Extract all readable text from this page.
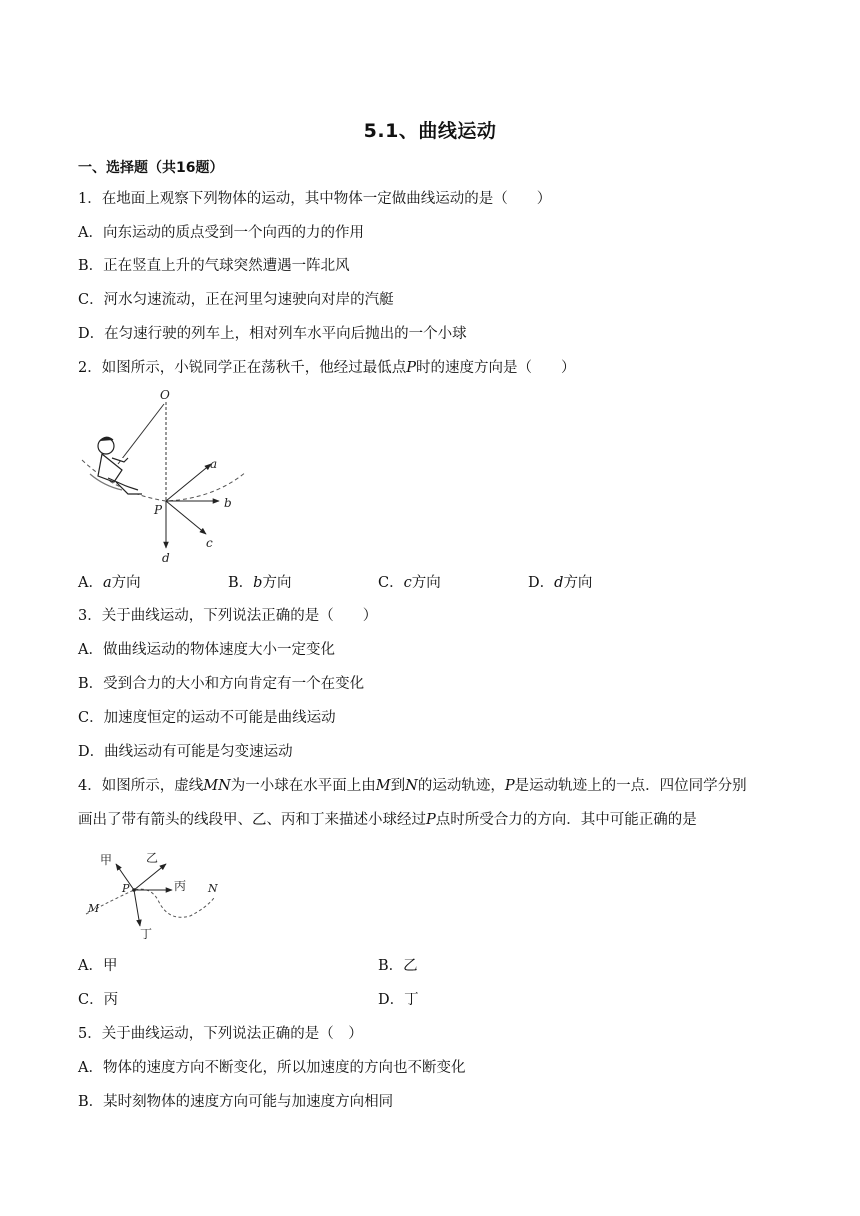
5.1、曲线运动
一、选择题（共16题）
1．在地面上观察下列物体的运动，其中物体一定做曲线运动的是（　　）
A．向东运动的质点受到一个向西的力的作用
B．正在竖直上升的气球突然遭遇一阵北风
C．河水匀速流动，正在河里匀速驶向对岸的汽艇
D．在匀速行驶的列车上，相对列车水平向后抛出的一个小球
2．如图所示，小锐同学正在荡秋千，他经过最低点P时的速度方向是（　　）
O
a
b
c
d
P
A．a方向	B．b方向	C．c方向	D．d方向
3．关于曲线运动，下列说法正确的是（　　）
A．做曲线运动的物体速度大小一定变化
B．受到合力的大小和方向肯定有一个在变化
C．加速度恒定的运动不可能是曲线运动
D．曲线运动有可能是匀变速运动
4．如图所示，虚线MN为一小球在水平面上由M到N的运动轨迹，P是运动轨迹上的一点．四位同学分别
画出了带有箭头的线段甲、乙、丙和丁来描述小球经过P点时所受合力的方向．其中可能正确的是
甲	乙
丙
丁
M
N
P
A．甲	B．乙
C．丙	D．丁
5．关于曲线运动，下列说法正确的是（　）
A．物体的速度方向不断变化，所以加速度的方向也不断变化
B．某时刻物体的速度方向可能与加速度方向相同
